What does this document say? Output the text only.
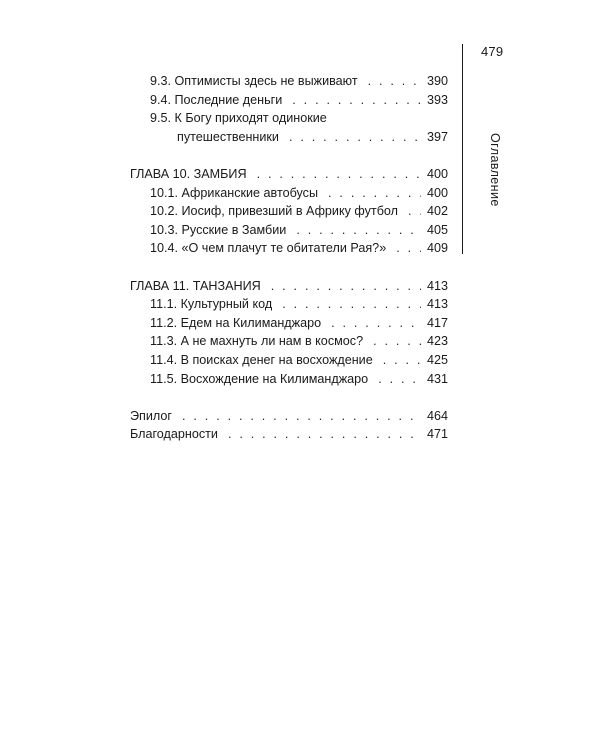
479
Оглавление
9.3. Оптимисты здесь не выживают . . .	390
9.4. Последние деньги . . .	393
9.5. К Богу приходят одинокие
путешественники . . .	397
ГЛАВА 10. ЗАМБИЯ . . .	400
10.1. Африканские автобусы . . .	400
10.2. Иосиф, привезший в Африку футбол . . . 402
10.3. Русские в Замбии . . .	405
10.4. «О чем плачут те обитатели Рая?» . . .	409
ГЛАВА 11. ТАНЗАНИЯ . . .	413
11.1. Культурный код . . .	413
11.2. Едем на Килиманджаро . . .	417
11.3. А не махнуть ли нам в космос? . . .	423
11.4. В поисках денег на восхождение . . .	425
11.5. Восхождение на Килиманджаро . . .	431
Эпилог . . .	464
Благодарности . . .	471
